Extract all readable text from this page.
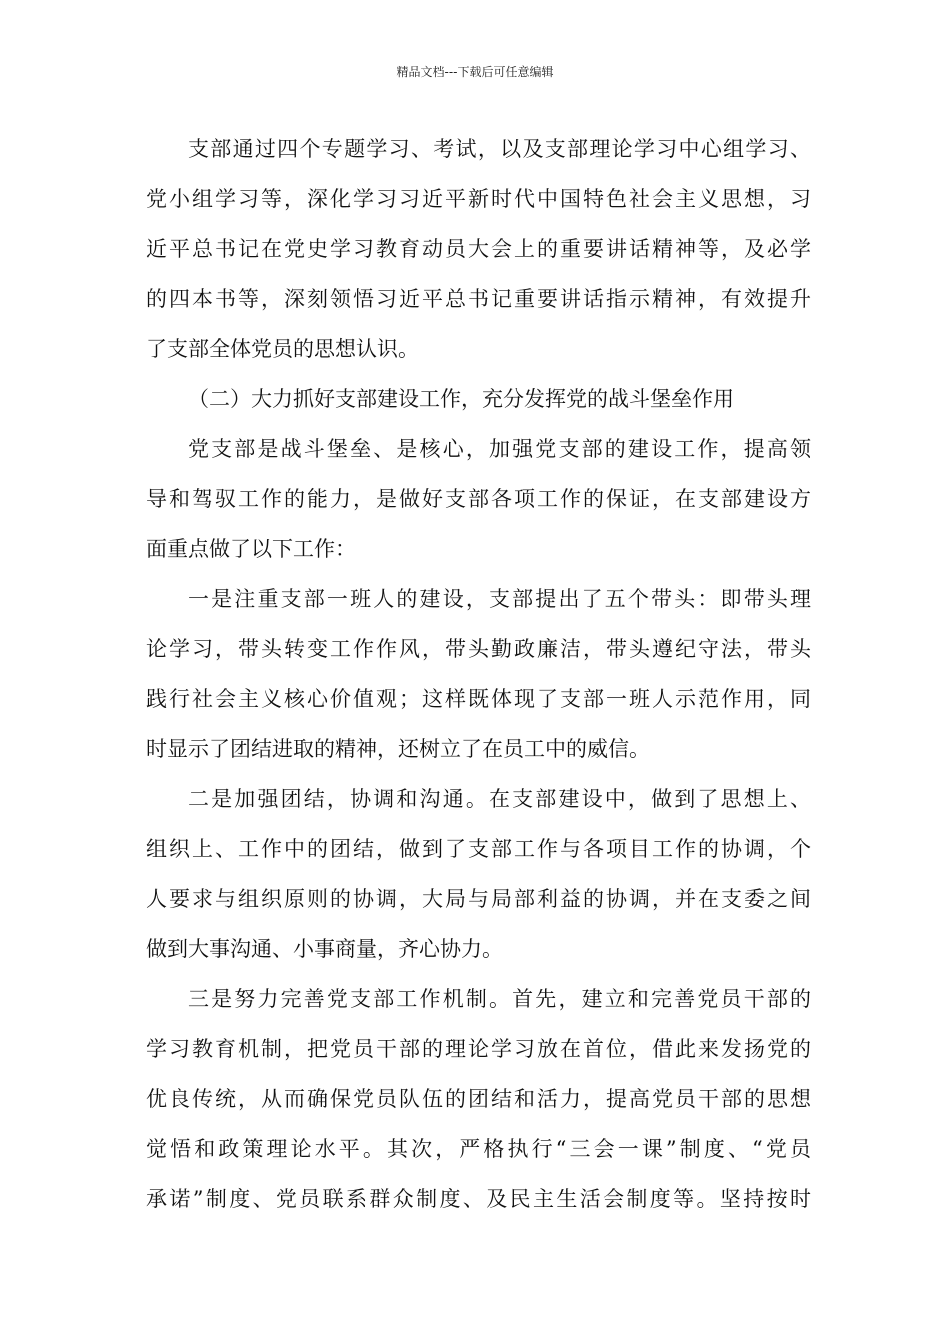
精品文档---下载后可任意编辑
支部通过四个专题学习、考试，以及支部理论学习中心组学习、
党小组学习等，深化学习习近平新时代中国特色社会主义思想，习
近平总书记在党史学习教育动员大会上的重要讲话精神等，及必学
的四本书等，深刻领悟习近平总书记重要讲话指示精神，有效提升
了支部全体党员的思想认识。
（二）大力抓好支部建设工作，充分发挥党的战斗堡垒作用
党支部是战斗堡垒、是核心，加强党支部的建设工作，提高领
导和驾驭工作的能力，是做好支部各项工作的保证，在支部建设方
面重点做了以下工作：
一是注重支部一班人的建设，支部提出了五个带头：即带头理
论学习，带头转变工作作风，带头勤政廉洁，带头遵纪守法，带头
践行社会主义核心价值观；这样既体现了支部一班人示范作用，同
时显示了团结进取的精神，还树立了在员工中的威信。
二是加强团结，协调和沟通。在支部建设中，做到了思想上、
组织上、工作中的团结，做到了支部工作与各项目工作的协调，个
人要求与组织原则的协调，大局与局部利益的协调，并在支委之间
做到大事沟通、小事商量，齐心协力。
三是努力完善党支部工作机制。首先，建立和完善党员干部的
学习教育机制，把党员干部的理论学习放在首位，借此来发扬党的
优良传统，从而确保党员队伍的团结和活力，提高党员干部的思想
觉悟和政策理论水平。其次，严格执行“三会一课”制度、“党员
承诺”制度、党员联系群众制度、及民主生活会制度等。坚持按时
